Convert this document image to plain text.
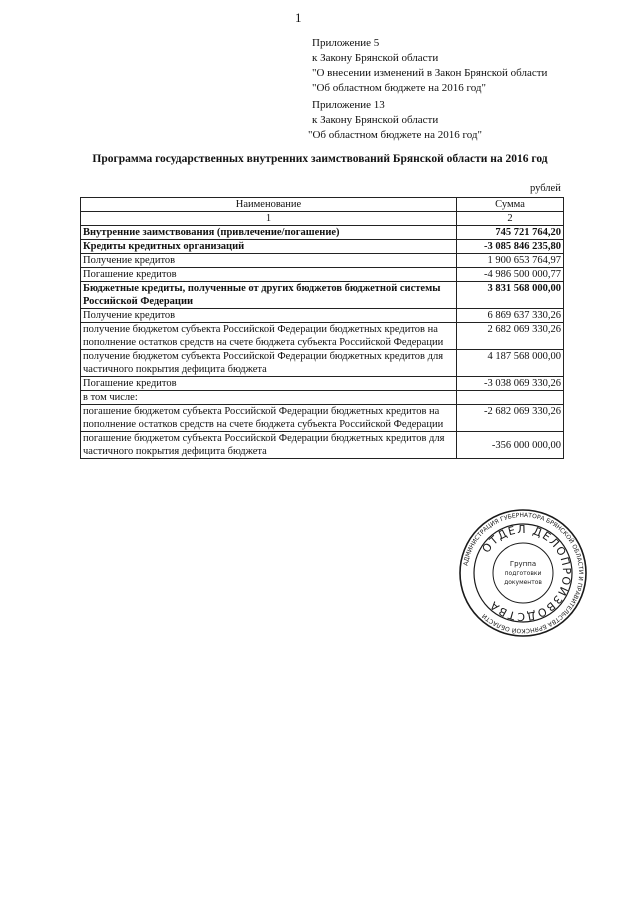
1
Приложение 5
к Закону Брянской области
"О внесении изменений в Закон Брянской области
"Об областном бюджете на 2016 год"
Приложение 13
к Закону Брянской области
"Об областном бюджете на 2016 год"
Программа государственных внутренних заимствований Брянской области на 2016 год
рублей
Наименование	Сумма
1	2
Внутренние заимствования (привлечение/погашение)	745 721 764,20
Кредиты кредитных организаций	-3 085 846 235,80
Получение кредитов	1 900 653 764,97
Погашение кредитов	-4 986 500 000,77
Бюджетные кредиты, полученные от других бюджетов бюджетной системы Российской Федерации	3 831 568 000,00
Получение кредитов	6 869 637 330,26
получение бюджетом субъекта Российской Федерации бюджетных кредитов на пополнение остатков средств на счете бюджета субъекта Российской Федерации	2 682 069 330,26
получение бюджетом субъекта Российской Федерации бюджетных кредитов для частичного покрытия дефицита бюджета	4 187 568 000,00
Погашение кредитов	-3 038 069 330,26
в том числе:	
погашение бюджетом субъекта Российской Федерации бюджетных кредитов на пополнение остатков средств на счете бюджета субъекта Российской Федерации	-2 682 069 330,26
погашение бюджетом субъекта Российской Федерации бюджетных кредитов для частичного покрытия дефицита бюджета	-356 000 000,00
АДМИНИСТРАЦИЯ ГУБЕРНАТОРА БРЯНСКОЙ ОБЛАСТИ И ПРАВИТЕЛЬСТВА БРЯНСКОЙ ОБЛАСТИ
ОТДЕЛ ДЕЛОПРОИЗВОДСТВА
Группа
подготовки
документов
